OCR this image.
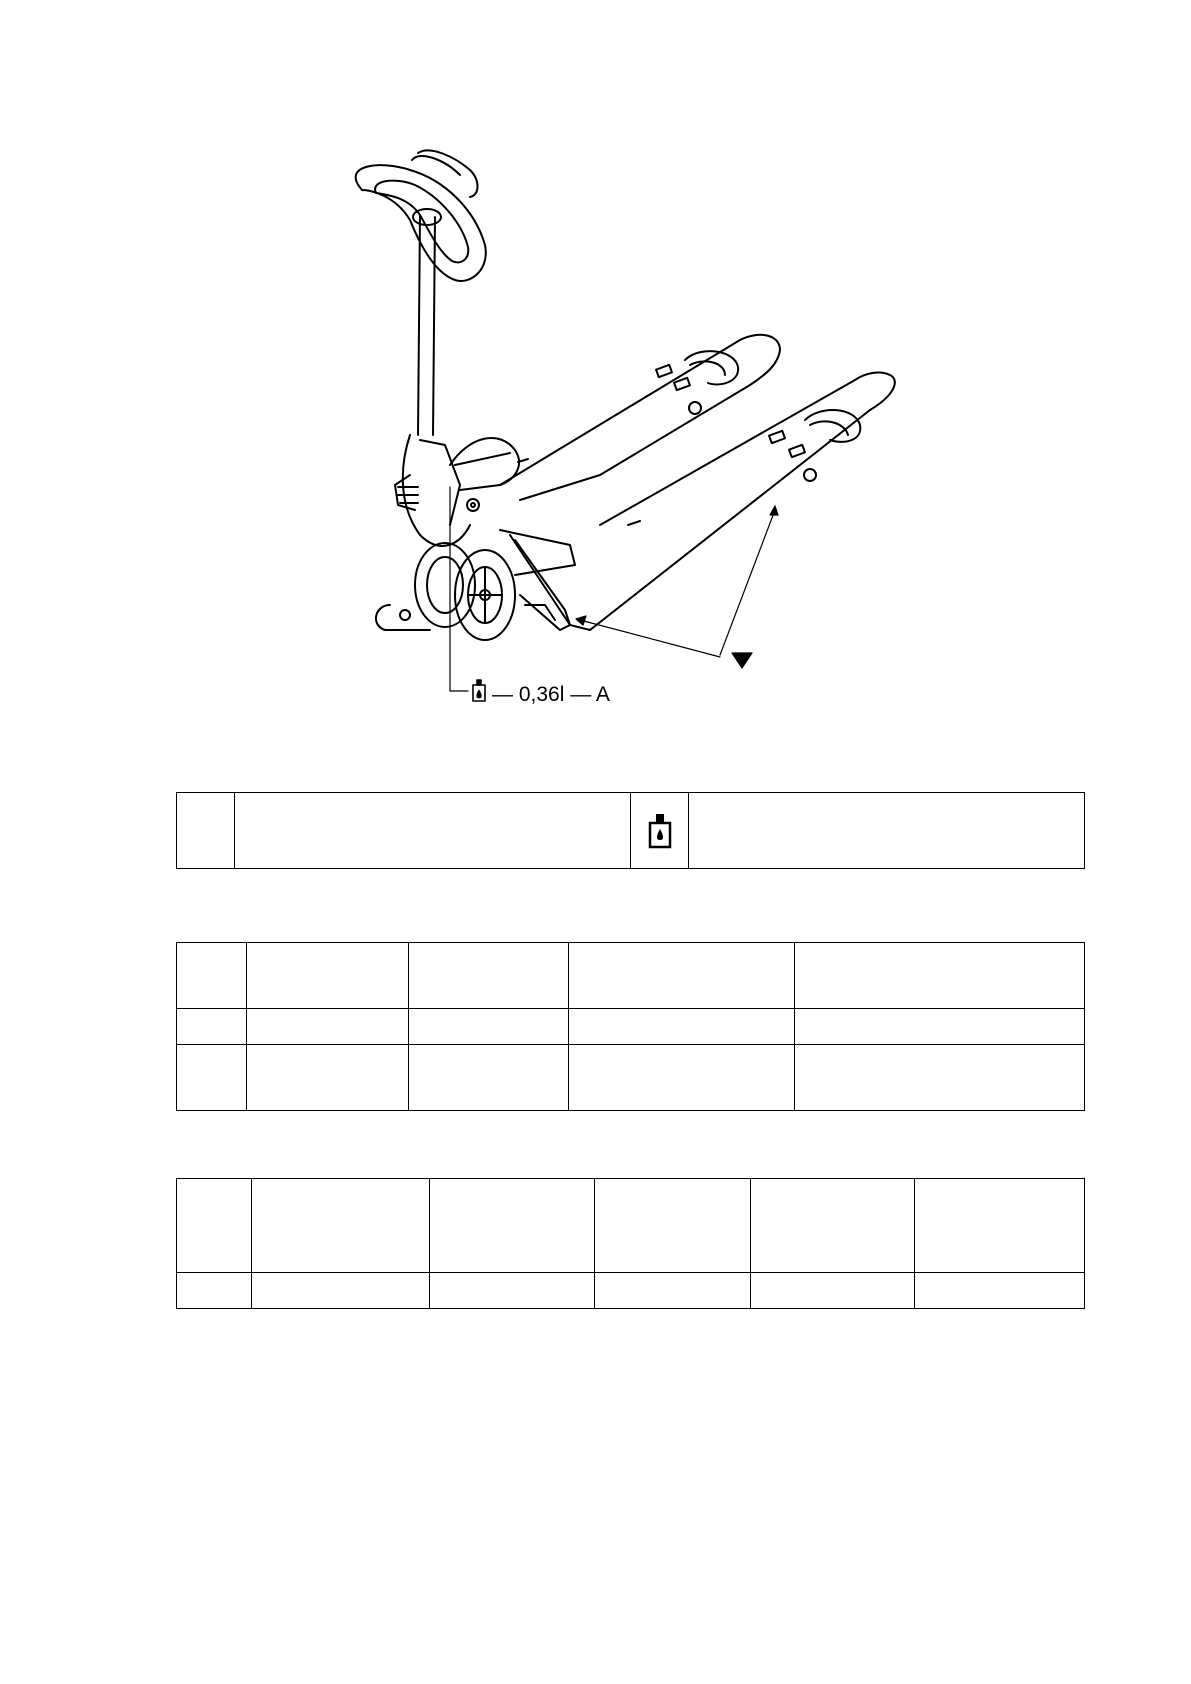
— 0,36l — A
